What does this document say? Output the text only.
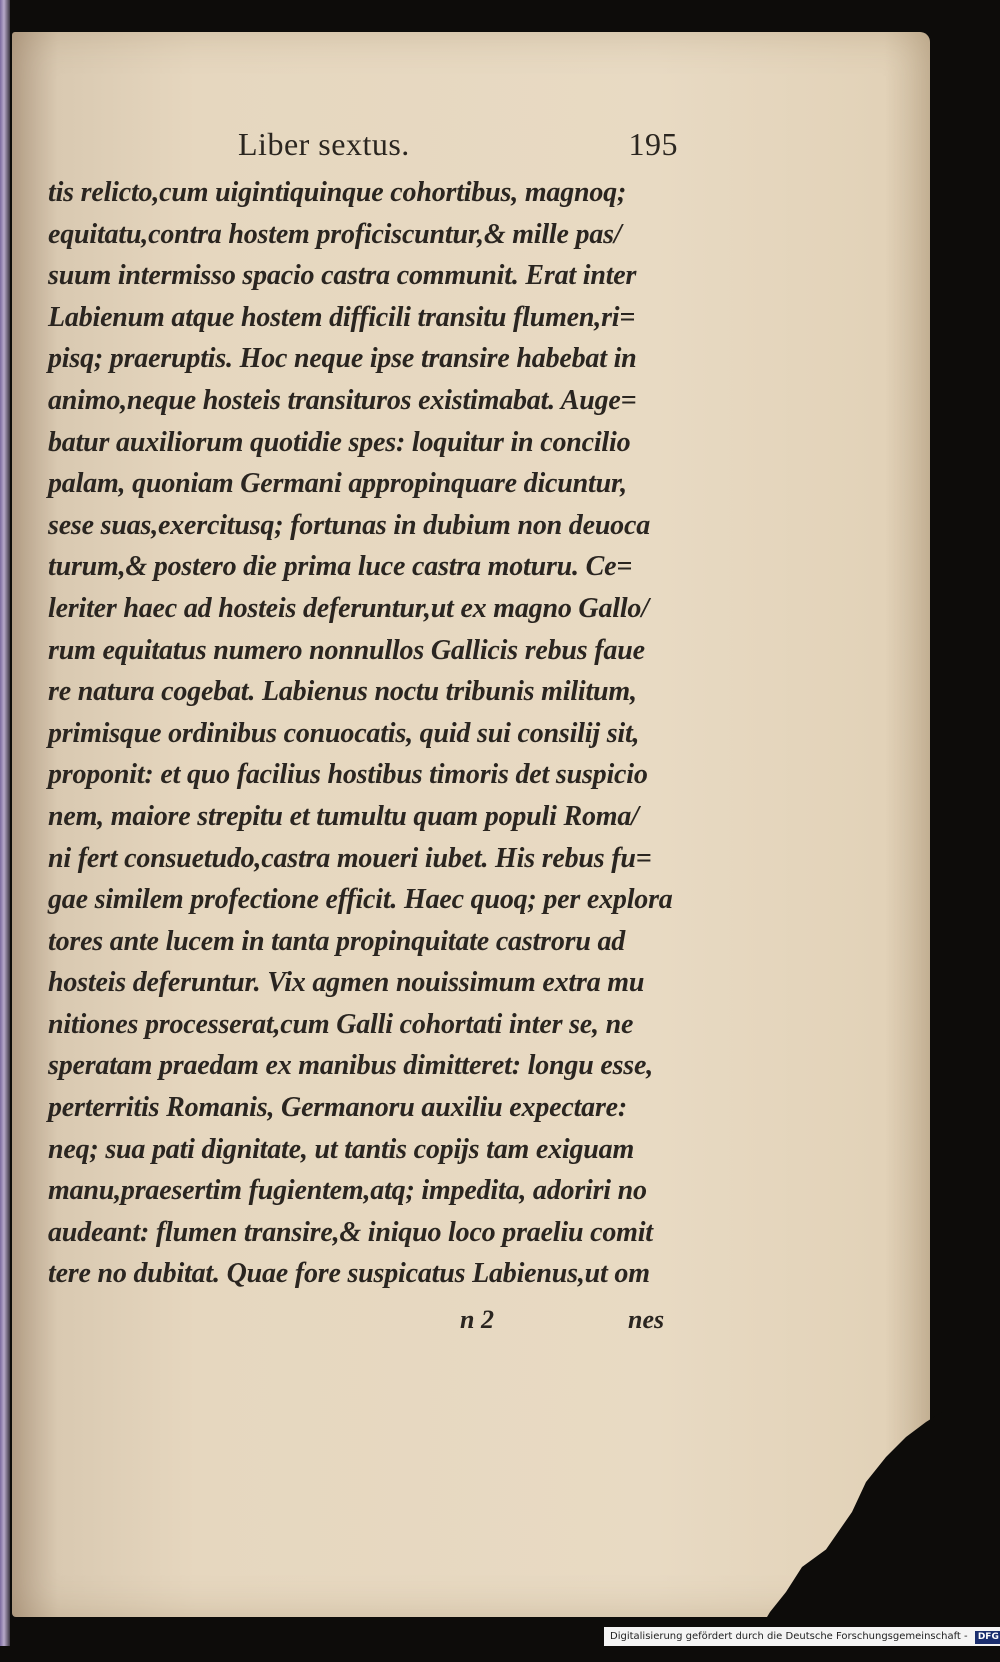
Liber sextus.	195
tis relicto,cum uigintiquinque cohortibus, magnoq;
equitatu,contra hostem proficiscuntur,& mille pas/
suum intermisso spacio castra communit. Erat inter
Labienum atque hostem difficili transitu flumen,ri=
pisq; praeruptis. Hoc neque ipse transire habebat in
animo,neque hosteis transituros existimabat. Auge=
batur auxiliorum quotidie spes: loquitur in concilio
palam, quoniam Germani appropinquare dicuntur,
sese suas,exercitusq; fortunas in dubium non deuoca
turum,& postero die prima luce castra moturu. Ce=
leriter haec ad hosteis deferuntur,ut ex magno Gallo/
rum equitatus numero nonnullos Gallicis rebus faue
re natura cogebat. Labienus noctu tribunis militum,
primisque ordinibus conuocatis, quid sui consilij sit,
proponit: et quo facilius hostibus timoris det suspicio
nem, maiore strepitu et tumultu quam populi Roma/
ni fert consuetudo,castra moueri iubet. His rebus fu=
gae similem profectione efficit. Haec quoq; per explora
tores ante lucem in tanta propinquitate castroru ad
hosteis deferuntur. Vix agmen nouissimum extra mu
nitiones processerat,cum Galli cohortati inter se, ne
speratam praedam ex manibus dimitteret: longu esse,
perterritis Romanis, Germanoru auxiliu expectare:
neq; sua pati dignitate, ut tantis copijs tam exiguam
manu,praesertim fugientem,atq; impedita, adoriri no
audeant: flumen transire,& iniquo loco praeliu comit
tere no dubitat. Quae fore suspicatus Labienus,ut om
n 2	nes
Digitalisierung gefördert durch die Deutsche Forschungsgemeinschaft - DFG
